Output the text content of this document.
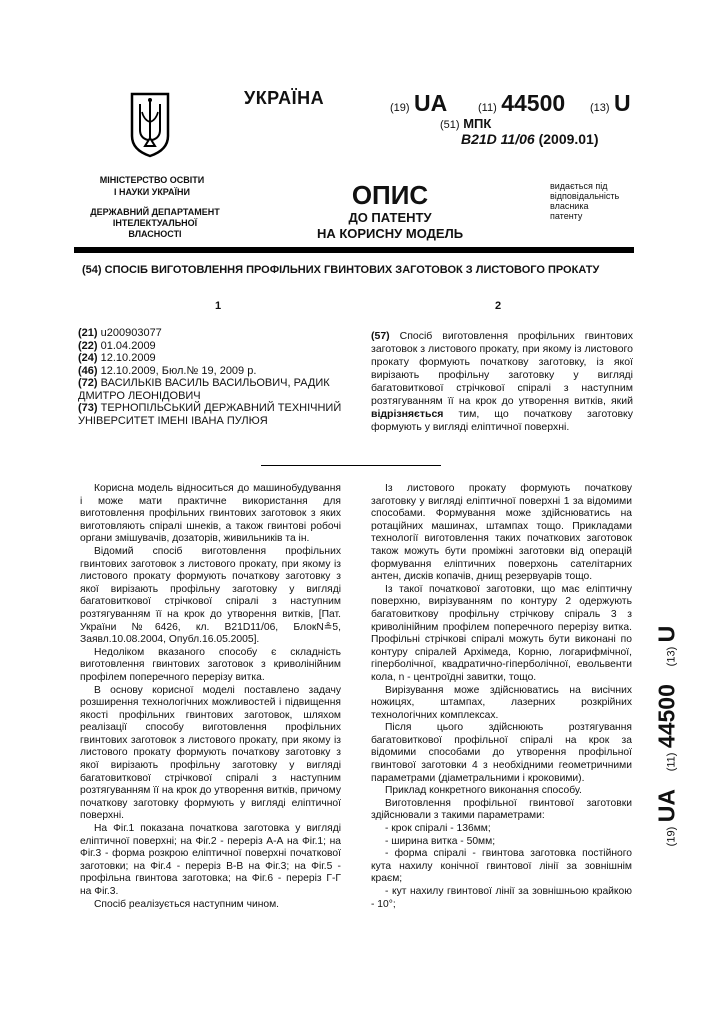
УКРАЇНА	(19) UA	(11) 44500 (13) U
(51) МПК
B21D 11/06 (2009.01)
МІНІСТЕРСТВО ОСВІТИ
І НАУКИ УКРАЇНИ
ДЕРЖАВНИЙ ДЕПАРТАМЕНТ
ІНТЕЛЕКТУАЛЬНОЇ
ВЛАСНОСТІ
ОПИС
ДО ПАТЕНТУ
НА КОРИСНУ МОДЕЛЬ
видається під
відповідальність
власника
патенту
(54) СПОСІБ ВИГОТОВЛЕННЯ ПРОФІЛЬНИХ ГВИНТОВИХ ЗАГОТОВОК З ЛИСТОВОГО ПРОКАТУ
1	2
(21) u200903077
(22) 01.04.2009
(24) 12.10.2009
(46) 12.10.2009, Бюл.№ 19, 2009 р.
(72) ВАСИЛЬКІВ ВАСИЛЬ ВАСИЛЬОВИЧ, РАДИК ДМИТРО ЛЕОНІДОВИЧ
(73) ТЕРНОПІЛЬСЬКИЙ ДЕРЖАВНИЙ ТЕХНІЧНИЙ УНІВЕРСИТЕТ ІМЕНІ ІВАНА ПУЛЮЯ
(57) Спосіб виготовлення профільних гвинтових заготовок з листового прокату, при якому із листового прокату формують початкову заготовку, із якої вирізають профільну заготовку у вигляді багатовиткової стрічкової спіралі з наступним розтягуванням її на крок до утворення витків, який відрізняється тим, що початкову заготовку формують у вигляді еліптичної поверхні.

Корисна модель відноситься до машинобудування і може мати практичне використання для виготовлення профільних гвинтових заготовок з яких виготовляють спіралі шнеків, а також гвинтові робочі органи змішувачів, дозаторів, живильників та ін.

Відомий спосіб виготовлення профільних гвинтових заготовок з листового прокату, при якому із листового прокату формують початкову заготовку з якої вирізають профільну заготовку у вигляді багатовиткової стрічкової спіралі з наступним розтягуванням її на крок до утворення витків, [Пат. України №6426, кл. B21D11/06, БлокN≗5, Заявл.10.08.2004, Опубл.16.05.2005].

Недоліком вказаного способу є складність виготовлення гвинтових заготовок з криволінійним профілем поперечного перерізу витка.

В основу корисної моделі поставлено задачу розширення технологічних можливостей і підвищення якості профільних гвинтових заготовок, шляхом реалізації способу виготовлення профільних гвинтових заготовок з листового прокату, при якому із листового прокату формують початкову заготовку з якої вирізають профільну заготовку у вигляді багатовиткової стрічкової спіралі з наступним розтягуванням її на крок до утворення витків, причому початкову заготовку формують у вигляді еліптичної поверхні.

На Фіг.1 показана початкова заготовка у вигляді еліптичної поверхні; на Фіг.2 - переріз А-А на Фіг.1; на Фіг.3 - форма розкрою еліптичної поверхні початкової заготовки; на Фіг.4 - переріз В-В на Фіг.3; на Фіг.5 - профільна гвинтова заготовка; на Фіг.6 - переріз Г-Г на Фіг.3.

Спосіб реалізується наступним чином.

Із листового прокату формують початкову заготовку у вигляді еліптичної поверхні 1 за відомими способами. Формування може здійснюватись на ротаційних машинах, штампах тощо. Прикладами технології виготовлення таких початкових заготовок також можуть бути проміжні заготовки від операцій формування еліптичних поверхонь сателітарних антен, дисків копачів, днищ резервуарів тощо.

Із такої початкової заготовки, що має еліптичну поверхню, вирізуванням по контуру 2 одержують багатовиткову профільну стрічкову спіраль 3 з криволінійним профілем поперечного перерізу витка. Профільні стрічкові спіралі можуть бути виконані по контуру спіралей Архімеда, Корню, логарифмічної, гіперболічної, квадратично-гіперболічної, евольвенти кола, n - центроїдні завитки, тощо.

Вирізування може здійснюватись на висічних ножицях, штампах, лазерних розкрійних технологічних комплексах.

Після цього здійснюють розтягування багатовиткової профільної спіралі на крок за відомими способами до утворення профільної гвинтової заготовки 4 з необхідними геометричними параметрами (діаметральними і кроковими).

Приклад конкретного виконання способу.

Виготовлення профільної гвинтової заготовки здійснювали з такими параметрами:

- крок спіралі - 136мм;

- ширина витка - 50мм;

- форма спіралі - гвинтова заготовка постійного кута нахилу конічної гвинтової лінії за зовнішнім краєм;

- кут нахилу гвинтової лінії за зовнішньою крайкою - 10°;

(19) UA    (11) 44500    (13) U
